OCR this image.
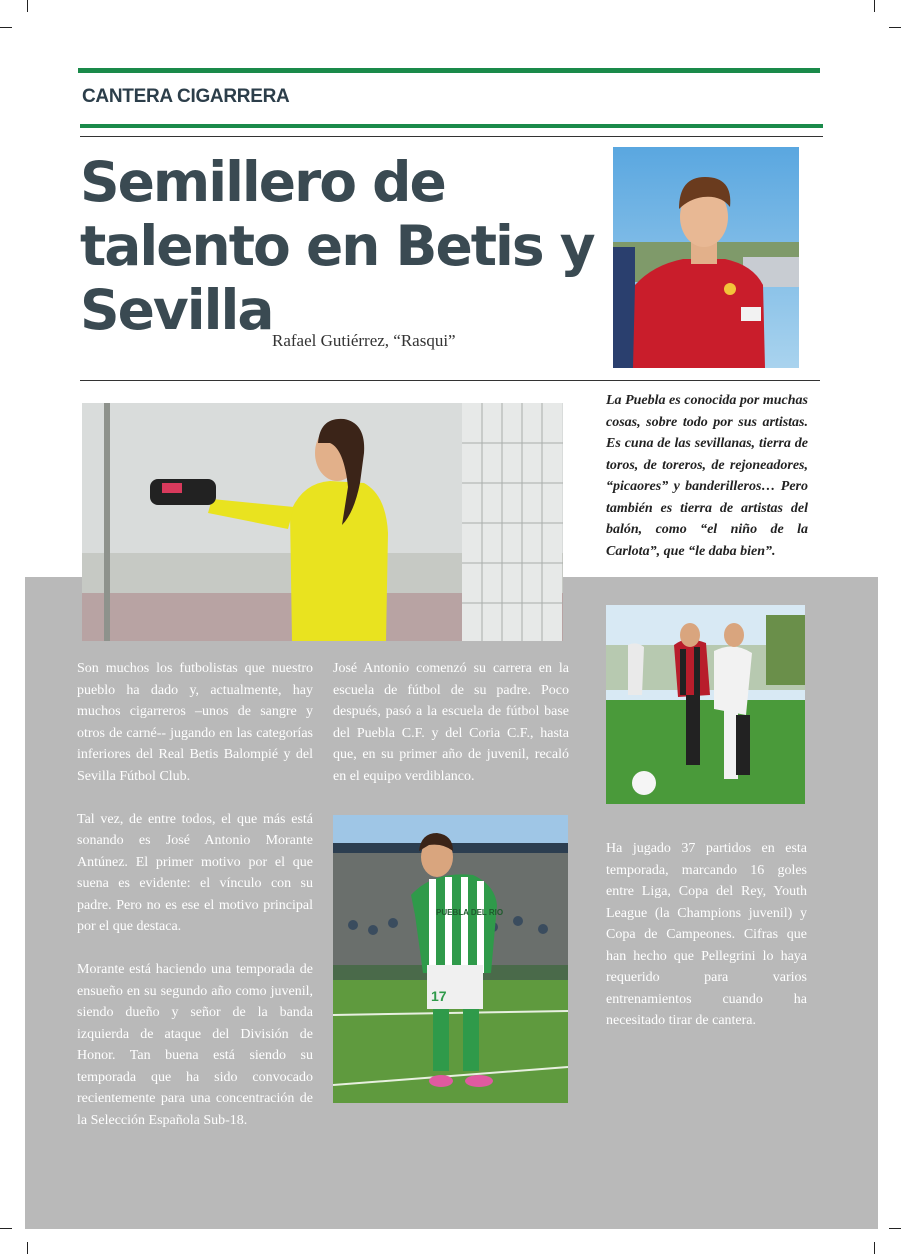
CANTERA CIGARRERA
Semillero de
talento en Betis y
Sevilla Rafael Gutiérrez, “Rasqui”
La Puebla es conocida por muchas cosas, sobre todo por sus artistas. Es cuna de las sevillanas, tierra de toros, de toreros, de rejoneadores, “picaores” y banderilleros… Pero también es tierra de artistas del balón, como “el niño de la Carlota”, que “le daba bien”.

Son muchos los futbolistas que nuestro pueblo ha dado y, actualmente, hay muchos cigarreros –unos de sangre y otros de carné-- jugando en las categorías inferiores del Real Betis Balompié y del Sevilla Fútbol Club.

Tal vez, de entre todos, el que más está sonando es José Antonio Morante Antúnez. El primer motivo por el que suena es evidente: el vínculo con su padre. Pero no es ese el motivo principal por el que destaca.

Morante está haciendo una temporada de ensueño en su segundo año como juvenil, siendo dueño y señor de la banda izquierda de ataque del División de Honor. Tan buena está siendo su temporada que ha sido convocado recientemente para una concentración de la Selección Española Sub-18.

José Antonio comenzó su carrera en la escuela de fútbol de su padre. Poco después, pasó a la escuela de fútbol base del Puebla C.F. y del Coria C.F., hasta que, en su primer año de juvenil, recaló en el equipo verdiblanco.

PUEBLA DEL RIO
17

Ha jugado 37 partidos en esta temporada, marcando 16 goles entre Liga, Copa del Rey, Youth League (la Champions juvenil) y Copa de Campeones. Cifras que han hecho que Pellegrini lo haya requerido para varios entrenamientos cuando ha necesitado tirar de cantera.
